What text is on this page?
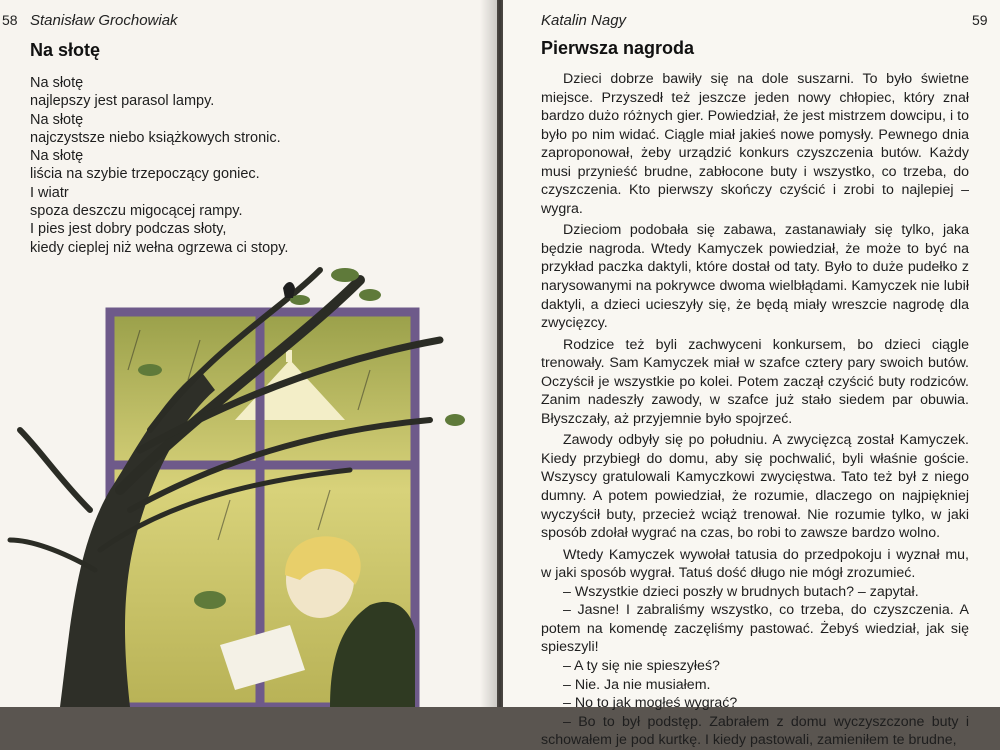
58 Stanisław Grochowiak
Na słotę
Na słotę
najlepszy jest parasol lampy.
Na słotę
najczystsze niebo książkowych stronic.
Na słotę
liścia na szybie trzepoczący goniec.
I wiatr
spoza deszczu migocącej rampy.
I pies jest dobry podczas słoty,
kiedy cieplej niż wełna ogrzewa ci stopy.
59
Katalin Nagy
Pierwsza nagroda

Dzieci dobrze bawiły się na dole suszarni. To było świetne miejsce. Przyszedł też jeszcze jeden nowy chłopiec, który znał bardzo dużo różnych gier. Powiedział, że jest mistrzem dowcipu, i to było po nim widać. Ciągle miał jakieś nowe pomysły. Pewnego dnia zaproponował, żeby urządzić konkurs czyszczenia butów. Każdy musi przynieść brudne, zabłocone buty i wszystko, co trzeba, do czyszczenia. Kto pierwszy skończy czyścić i zrobi to najlepiej – wygra.

Dzieciom podobała się zabawa, zastanawiały się tylko, jaka będzie nagroda. Wtedy Kamyczek powiedział, że może to być na przykład paczka daktyli, które dostał od taty. Było to duże pudełko z narysowanymi na pokrywce dwoma wielbłądami. Kamyczek nie lubił daktyli, a dzieci ucieszyły się, że będą miały wreszcie nagrodę dla zwycięzcy.

Rodzice też byli zachwyceni konkursem, bo dzieci ciągle trenowały. Sam Kamyczek miał w szafce cztery pary swoich butów. Oczyścił je wszystkie po kolei. Potem zaczął czyścić buty rodziców. Zanim nadeszły zawody, w szafce już stało siedem par obuwia. Błyszczały, aż przyjemnie było spojrzeć.

Zawody odbyły się po południu. A zwycięzcą został Kamyczek. Kiedy przybiegł do domu, aby się pochwalić, byli właśnie goście. Wszyscy gratulowali Kamyczkowi zwycięstwa. Tato też był z niego dumny. A potem powiedział, że rozumie, dlaczego on najpiękniej wyczyścił buty, przecież wciąż trenował. Nie rozumie tylko, w jaki sposób zdołał wygrać na czas, bo robi to zawsze bardzo wolno.

Wtedy Kamyczek wywołał tatusia do przedpokoju i wyznał mu, w jaki sposób wygrał. Tatuś dość długo nie mógł zrozumieć.

– Wszystkie dzieci poszły w brudnych butach? – zapytał.

– Jasne! I zabraliśmy wszystko, co trzeba, do czyszczenia. A potem na komendę zaczęliśmy pastować. Żebyś wiedział, jak się spieszyli!

– A ty się nie spieszyłeś?

– Nie. Ja nie musiałem.

– No to jak mogłeś wygrać?

– Bo to był podstęp. Zabrałem z domu wyczyszczone buty i schowałem je pod kurtkę. I kiedy pastowali, zamieniłem te brudne,
